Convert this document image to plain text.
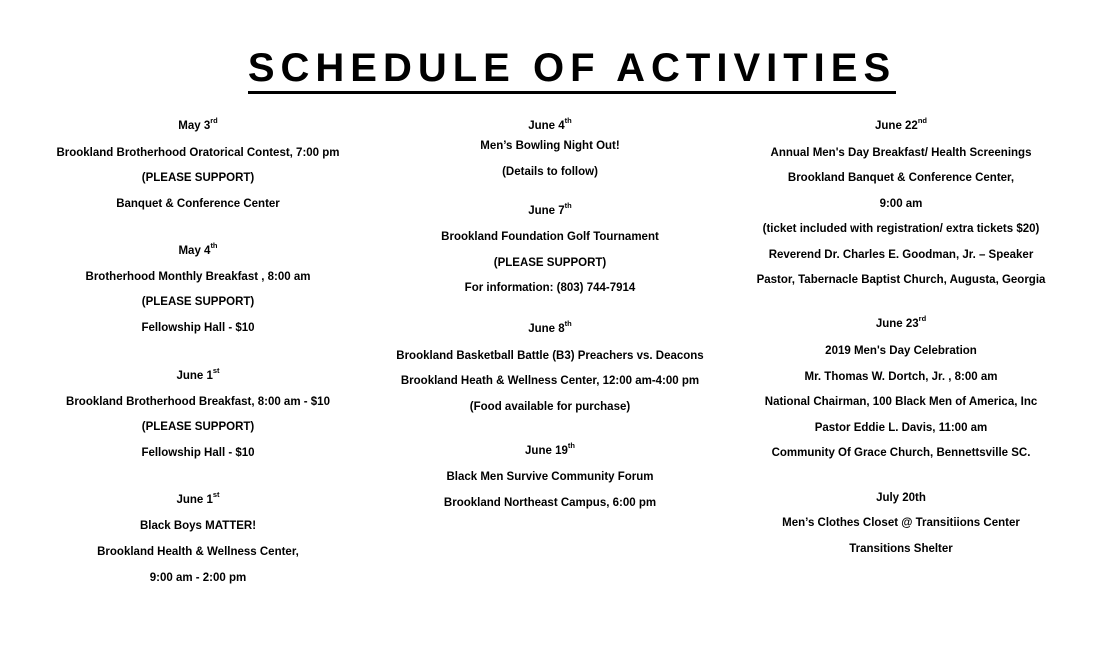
SCHEDULE OF ACTIVITIES
May 3rd
Brookland Brotherhood Oratorical Contest, 7:00 pm
(PLEASE SUPPORT)
Banquet & Conference Center
May 4th
Brotherhood Monthly Breakfast , 8:00 am
(PLEASE SUPPORT)
Fellowship Hall - $10
June 1st
Brookland Brotherhood Breakfast, 8:00 am - $10
(PLEASE SUPPORT)
Fellowship Hall - $10
June 1st
Black Boys MATTER!
Brookland Health & Wellness Center,
9:00 am - 2:00 pm
June 4th
Men’s Bowling Night Out!
(Details to follow)
June 7th
Brookland Foundation Golf Tournament
(PLEASE SUPPORT)
For information: (803) 744-7914
June 8th
Brookland Basketball Battle (B3) Preachers vs. Deacons
Brookland Heath & Wellness Center, 12:00 am-4:00 pm
(Food available for purchase)
June 19th
Black Men Survive Community Forum
Brookland Northeast Campus, 6:00 pm
June 22nd
Annual Men's Day Breakfast/ Health Screenings
Brookland Banquet & Conference Center,
9:00 am
(ticket included with registration/ extra tickets $20)
Reverend Dr. Charles E. Goodman, Jr. – Speaker
Pastor, Tabernacle Baptist Church, Augusta, Georgia
June 23rd
2019 Men's Day Celebration
Mr. Thomas W. Dortch, Jr. , 8:00 am
National Chairman, 100 Black Men of America, Inc
Pastor Eddie L. Davis, 11:00 am
Community Of Grace Church, Bennettsville SC.
July 20th
Men’s Clothes Closet @ Transitiions Center
Transitions Shelter
